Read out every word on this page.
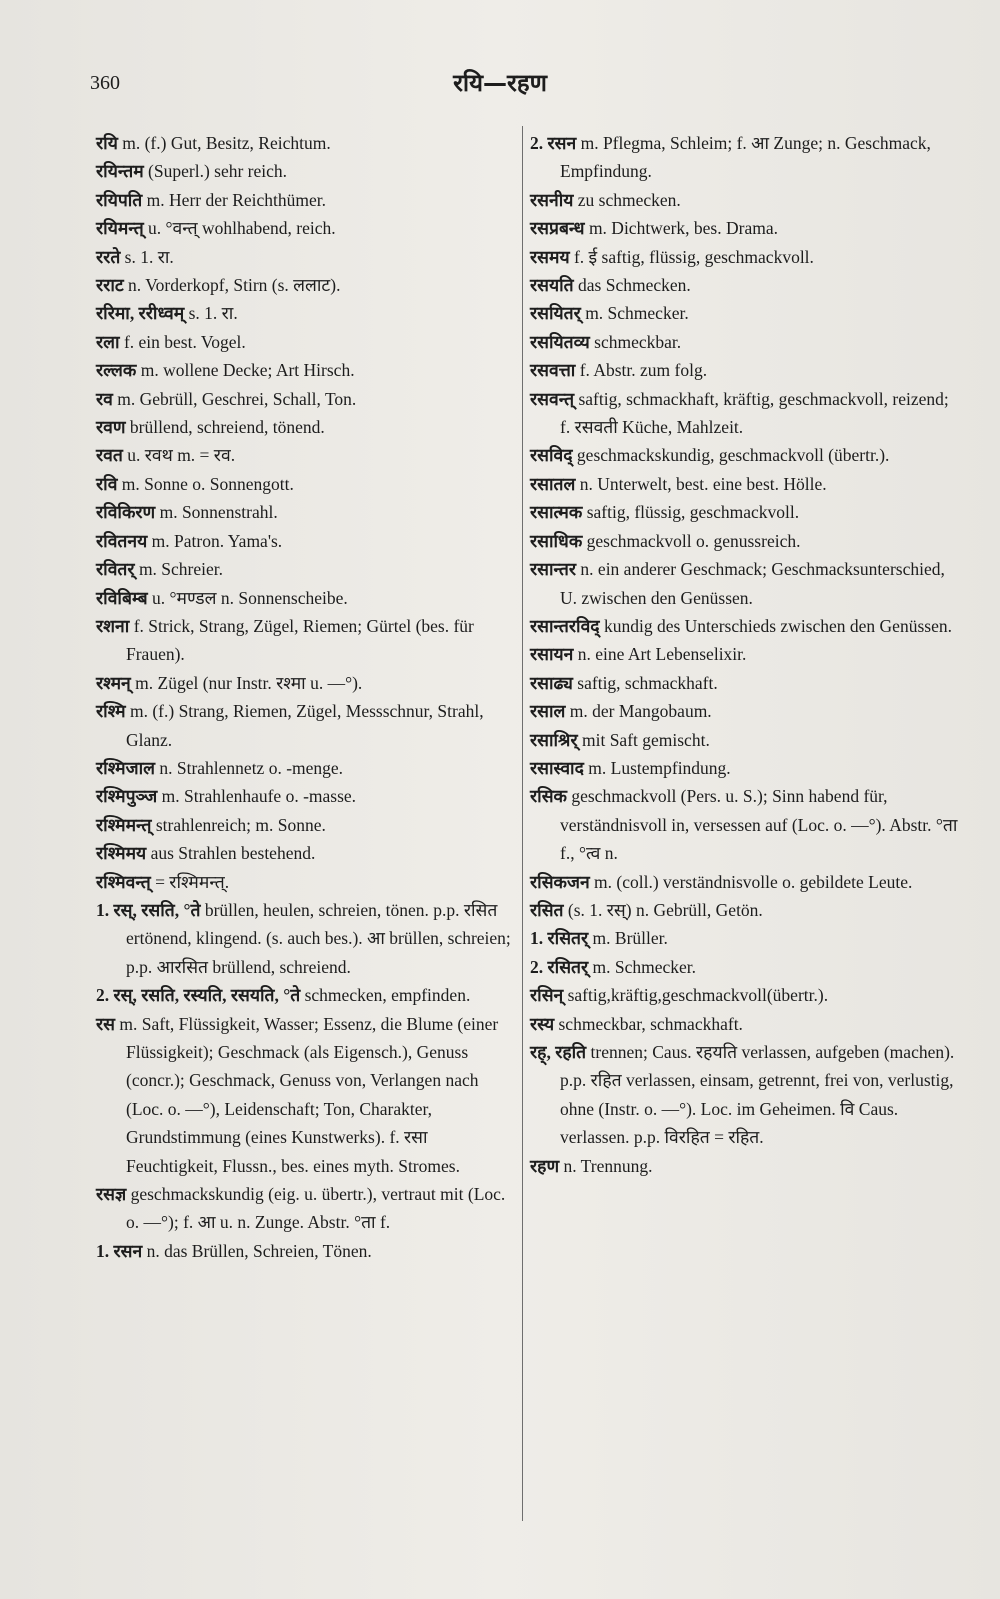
360	रयि—रहण

रयि m. (f.) Gut, Besitz, Reichtum.

रयिन्तम (Superl.) sehr reich.

रयिपति m. Herr der Reichthümer.

रयिमन्त् u. °वन्त् wohlhabend, reich.

ररते s. 1. रा.

रराट n. Vorderkopf, Stirn (s. ललाट).

ररिमा, ररीध्वम् s. 1. रा.

रला f. ein best. Vogel.

रल्लक m. wollene Decke; Art Hirsch.

रव m. Gebrüll, Geschrei, Schall, Ton.

रवण brüllend, schreiend, tönend.

रवत u. रवथ m. = रव.

रवि m. Sonne o. Sonnengott.

रविकिरण m. Sonnenstrahl.

रवितनय m. Patron. Yama's.

रवितर् m. Schreier.

रविबिम्ब u. °मण्डल n. Sonnenscheibe.

रशना f. Strick, Strang, Zügel, Riemen; Gürtel (bes. für Frauen).

रश्मन् m. Zügel (nur Instr. रश्मा u. —°).

रश्मि m. (f.) Strang, Riemen, Zügel, Messschnur, Strahl, Glanz.

रश्मिजाल n. Strahlennetz o. -menge.

रश्मिपुञ्ज m. Strahlenhaufe o. -masse.

रश्मिमन्त् strahlenreich; m. Sonne.

रश्मिमय aus Strahlen bestehend.

रश्मिवन्त् = रश्मिमन्त्.

1. रस्, रसति, °ते brüllen, heulen, schreien, tönen. p.p. रसित ertönend, klingend. (s. auch bes.). आ brüllen, schreien; p.p. आरसित brüllend, schreiend.

2. रस्, रसति, रस्यति, रसयति, °ते schmecken, empfinden.

रस m. Saft, Flüssigkeit, Wasser; Essenz, die Blume (einer Flüssigkeit); Geschmack (als Eigensch.), Genuss (concr.); Geschmack, Genuss von, Verlangen nach (Loc. o. —°), Leidenschaft; Ton, Charakter, Grundstimmung (eines Kunstwerks). f. रसा Feuchtigkeit, Flussn., bes. eines myth. Stromes.

रसज्ञ geschmackskundig (eig. u. übertr.), vertraut mit (Loc. o. —°); f. आ u. n. Zunge. Abstr. °ता f.

1. रसन n. das Brüllen, Schreien, Tönen.

2. रसन m. Pflegma, Schleim; f. आ Zunge; n. Geschmack, Empfindung.

रसनीय zu schmecken.

रसप्रबन्ध m. Dichtwerk, bes. Drama.

रसमय f. ई saftig, flüssig, geschmackvoll.

रसयति das Schmecken.

रसयितर् m. Schmecker.

रसयितव्य schmeckbar.

रसवत्ता f. Abstr. zum folg.

रसवन्त् saftig, schmackhaft, kräftig, geschmackvoll, reizend; f. रसवती Küche, Mahlzeit.

रसविद् geschmackskundig, geschmackvoll (übertr.).

रसातल n. Unterwelt, best. eine best. Hölle.

रसात्मक saftig, flüssig, geschmackvoll.

रसाधिक geschmackvoll o. genussreich.

रसान्तर n. ein anderer Geschmack; Geschmacksunterschied, U. zwischen den Genüssen.

रसान्तरविद् kundig des Unterschieds zwischen den Genüssen.

रसायन n. eine Art Lebenselixir.

रसाढ्य saftig, schmackhaft.

रसाल m. der Mangobaum.

रसाश्रिर् mit Saft gemischt.

रसास्वाद m. Lustempfindung.

रसिक geschmackvoll (Pers. u. S.); Sinn habend für, verständnisvoll in, versessen auf (Loc. o. —°). Abstr. °ता f., °त्व n.

रसिकजन m. (coll.) verständnisvolle o. gebildete Leute.

रसित (s. 1. रस्) n. Gebrüll, Getön.

1. रसितर् m. Brüller.

2. रसितर् m. Schmecker.

रसिन् saftig,kräftig,geschmackvoll(übertr.).

रस्य schmeckbar, schmackhaft.

रह्, रहति trennen; Caus. रहयति verlassen, aufgeben (machen). p.p. रहित verlassen, einsam, getrennt, frei von, verlustig, ohne (Instr. o. —°). Loc. im Geheimen. वि Caus. verlassen. p.p. विरहित = रहित.

रहण n. Trennung.
